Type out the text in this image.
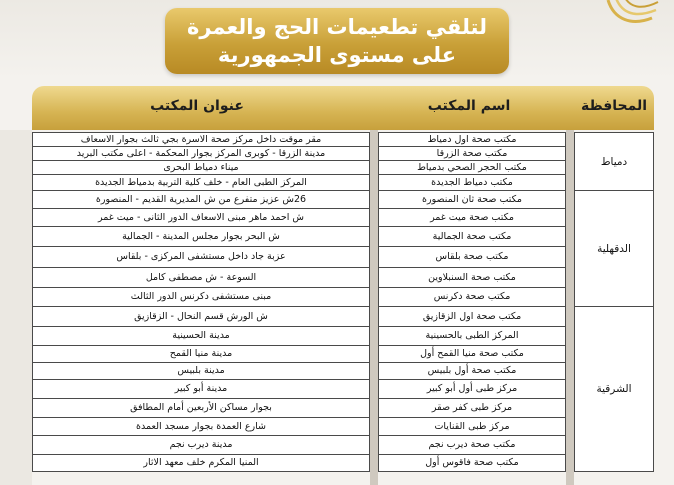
لتلقي تطعيمات الحج والعمرة
على مستوى الجمهورية
المحافظة
اسم المكتب
عنوان المكتب
مكتب صحة اول دمياط
مقر موقت داخل مركز صحة الاسرة بجي ثالث بجوار الاسعاف
مكتب صحة الزرقا
مدينة الزرقا - كوبرى المركز بجوار المحكمة - اعلى مكتب البريد
مكتب الحجر الصحي بدمياط
ميناء دمياط البحرى
مكتب دمياط الجديدة
المركز الطبى العام - خلف كلية التربية بدمياط الجديدة
دمياط
مكتب صحة ثان المنصورة
26ش عزيز متفرع من ش المديرية القديم - المنصورة
مكتب صحة ميت غمر
ش احمد ماهر مبنى الاسعاف الدور الثانى - ميت غمر
مكتب صحة الجمالية
ش البحر بجوار مجلس المدينة - الجمالية
مكتب صحة بلقاس
عزبة جاد داخل مستشفى المركزى - بلقاس
مكتب صحة السنبلاوين
السوعة - ش مصطفى كامل
مكتب صحة دكرنس
مبنى مستشفى دكرنس الدور الثالث
الدقهلية
مكتب صحة اول الزقازيق
ش الورش قسم النحال - الزقازيق
المركز الطبى بالحسينية
مدينة الحسينية
مكتب صحة منيا القمح أول
مدينة منيا القمح
مكتب صحة أول بلبيس
مدينة بلبيس
مركز طبى أول أبو كبير
مدينة أبو كبير
مركز طبى كفر صقر
بجوار مساكن الأربعين أمام المطافق
مركز طبى القنايات
شارع العمدة بجوار مسجد العمدة
مكتب صحة ديرب نجم
مدينة ديرب نجم
مكتب صحة فاقوس أول
المنيا المكرم خلف معهد الاثار
الشرقية
